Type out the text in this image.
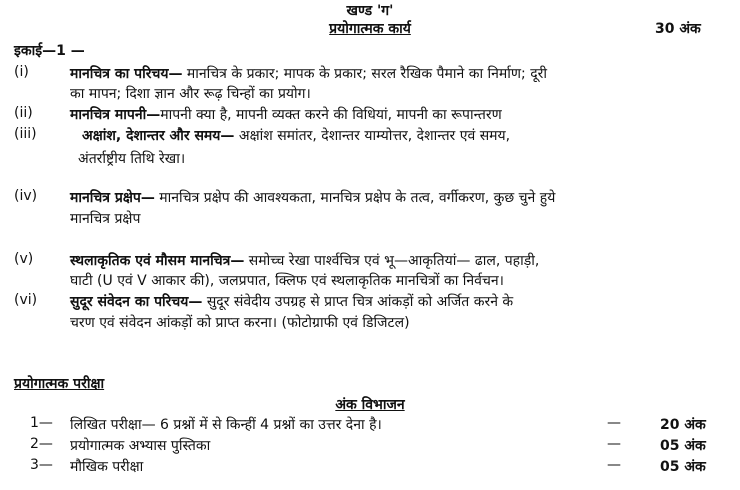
खण्ड 'ग'
प्रयोगात्मक कार्य	30 अंक
इकाई—1 —
(i)	मानचित्र का परिचय— मानचित्र के प्रकार; मापक के प्रकार; सरल रैखिक पैमाने का निर्माण; दूरी
का मापन; दिशा ज्ञान और रूढ़ चिन्हों का प्रयोग।
(ii)	मानचित्र मापनी—मापनी क्या है, मापनी व्यक्त करने की विधियां, मापनी का रूपान्तरण
(iii)	अक्षांश, देशान्तर और समय— अक्षांश समांतर, देशान्तर याम्योत्तर, देशान्तर एवं समय,
अंतर्राष्ट्रीय तिथि रेखा।
(iv) मानचित्र प्रक्षेप— मानचित्र प्रक्षेप की आवश्यकता, मानचित्र प्रक्षेप के तत्व, वर्गीकरण, कुछ चुने हुये
मानचित्र प्रक्षेप
(v)	स्थलाकृतिक एवं मौसम मानचित्र— समोच्च रेखा पार्श्वचित्र एवं भू—आकृतियां— ढाल, पहाड़ी,
घाटी (U एवं V आकार की), जलप्रपात, क्लिफ एवं स्थलाकृतिक मानचित्रों का निर्वचन।
(vi) सुदूर संवेदन का परिचय— सुदूर संवेदीय उपग्रह से प्राप्त चित्र आंकड़ों को अर्जित करने के
चरण एवं संवेदन आंकड़ों को प्राप्त करना। (फोटोग्राफी एवं डिजिटल)
प्रयोगात्मक परीक्षा
अंक विभाजन
1— लिखित परीक्षा— 6 प्रश्नों में से किन्हीं 4 प्रश्नों का उत्तर देना है।	—	20 अंक
2— प्रयोगात्मक अभ्यास पुस्तिका	—	05 अंक
3— मौखिक परीक्षा	—	05 अंक
